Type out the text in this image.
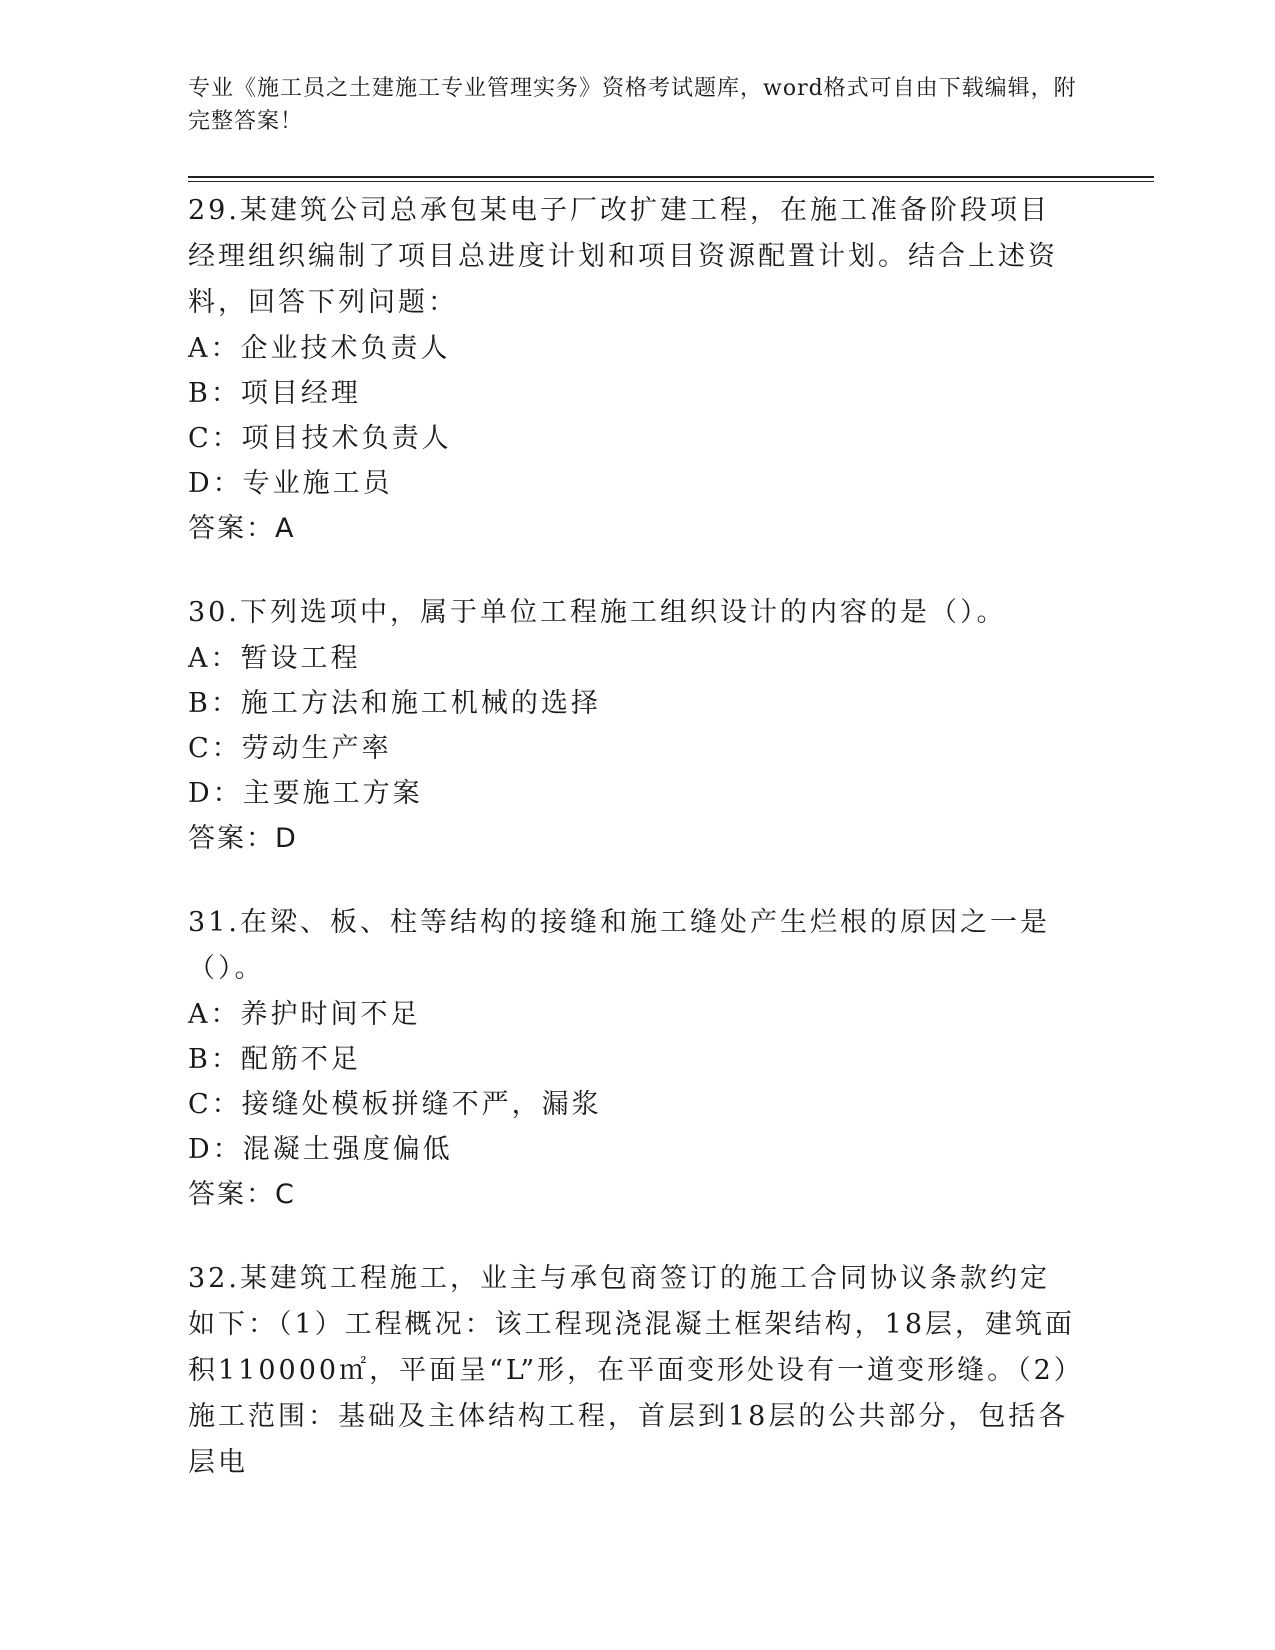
专业《施工员之土建施工专业管理实务》资格考试题库，word格式可自由下载编辑，附完整答案！
29.某建筑公司总承包某电子厂改扩建工程，在施工准备阶段项目经理组织编制了项目总进度计划和项目资源配置计划。结合上述资料，回答下列问题：
A：企业技术负责人
B：项目经理
C：项目技术负责人
D：专业施工员
答案：A
30.下列选项中，属于单位工程施工组织设计的内容的是（）。
A：暂设工程
B：施工方法和施工机械的选择
C：劳动生产率
D：主要施工方案
答案：D
31.在梁、板、柱等结构的接缝和施工缝处产生烂根的原因之一是（）。
A：养护时间不足
B：配筋不足
C：接缝处模板拼缝不严，漏浆
D：混凝土强度偏低
答案：C
32.某建筑工程施工，业主与承包商签订的施工合同协议条款约定如下：（1）工程概况：该工程现浇混凝土框架结构，18层，建筑面积110000㎡，平面呈“L”形，在平面变形处设有一道变形缝。（2）施工范围：基础及主体结构工程，首层到18层的公共部分，包括各层电
